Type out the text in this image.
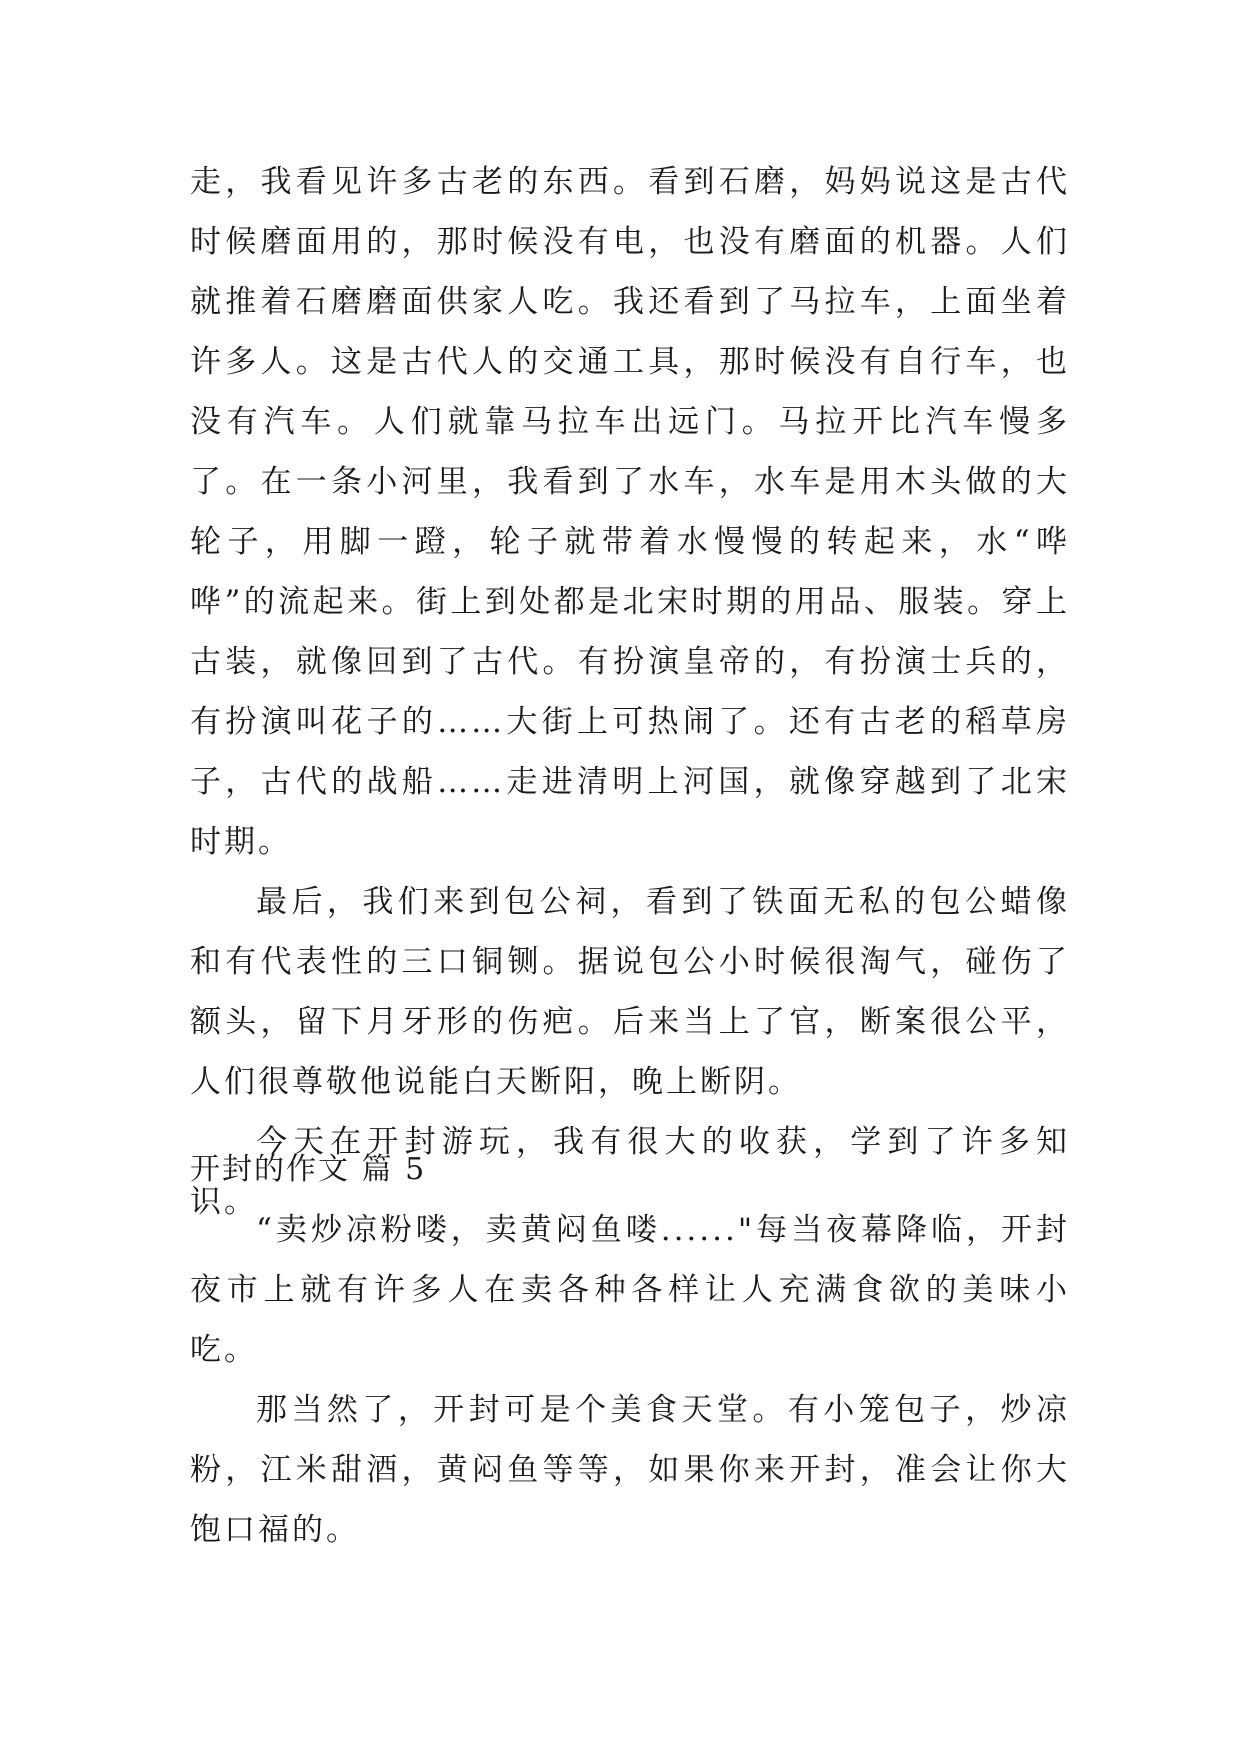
走，我看见许多古老的东西。看到石磨，妈妈说这是古代时候磨面用的，那时候没有电，也没有磨面的机器。人们就推着石磨磨面供家人吃。我还看到了马拉车，上面坐着许多人。这是古代人的交通工具，那时候没有自行车，也没有汽车。人们就靠马拉车出远门。马拉开比汽车慢多了。在一条小河里，我看到了水车，水车是用木头做的大轮子，用脚一蹬，轮子就带着水慢慢的转起来，水“哗哗”的流起来。街上到处都是北宋时期的用品、服装。穿上古装，就像回到了古代。有扮演皇帝的，有扮演士兵的，有扮演叫花子的……大街上可热闹了。还有古老的稻草房子，古代的战船……走进清明上河国，就像穿越到了北宋时期。

最后，我们来到包公祠，看到了铁面无私的包公蜡像和有代表性的三口铜铡。据说包公小时候很淘气，碰伤了额头，留下月牙形的伤疤。后来当上了官，断案很公平，人们很尊敬他说能白天断阳，晚上断阴。

今天在开封游玩，我有很大的收获，学到了许多知识。

开封的作文 篇 5

“卖炒凉粉喽，卖黄闷鱼喽......"每当夜幕降临，开封夜市上就有许多人在卖各种各样让人充满食欲的美味小吃。

那当然了，开封可是个美食天堂。有小笼包子，炒凉粉，江米甜酒，黄闷鱼等等，如果你来开封，准会让你大饱口福的。
